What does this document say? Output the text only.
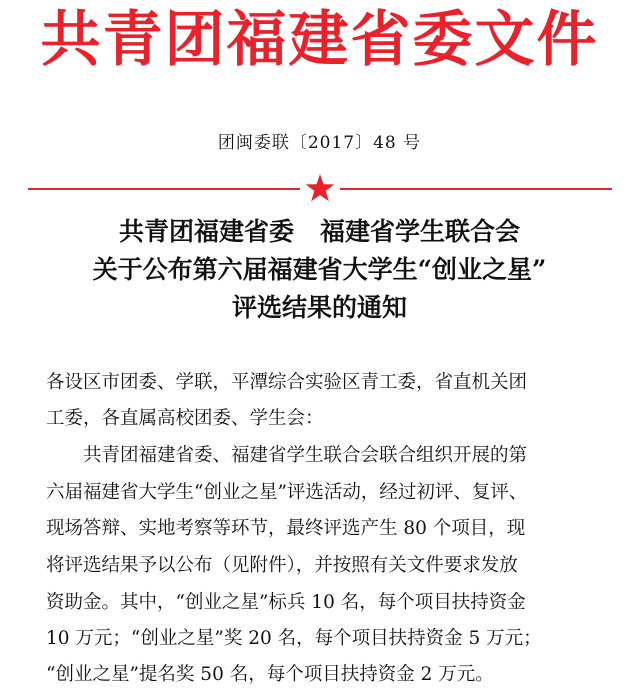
共青团福建省委文件
团闽委联〔2017〕48 号
共青团福建省委 福建省学生联合会
关于公布第六届福建省大学生“创业之星”
评选结果的通知
各设区市团委、学联，平潭综合实验区青工委，省直机关团
工委，各直属高校团委、学生会：
　　共青团福建省委、福建省学生联合会联合组织开展的第
六届福建省大学生“创业之星”评选活动，经过初评、复评、
现场答辩、实地考察等环节，最终评选产生 80 个项目，现
将评选结果予以公布（见附件），并按照有关文件要求发放
资助金。其中，“创业之星”标兵 10 名，每个项目扶持资金
10 万元；“创业之星”奖 20 名，每个项目扶持资金 5 万元；
“创业之星”提名奖 50 名，每个项目扶持资金 2 万元。
